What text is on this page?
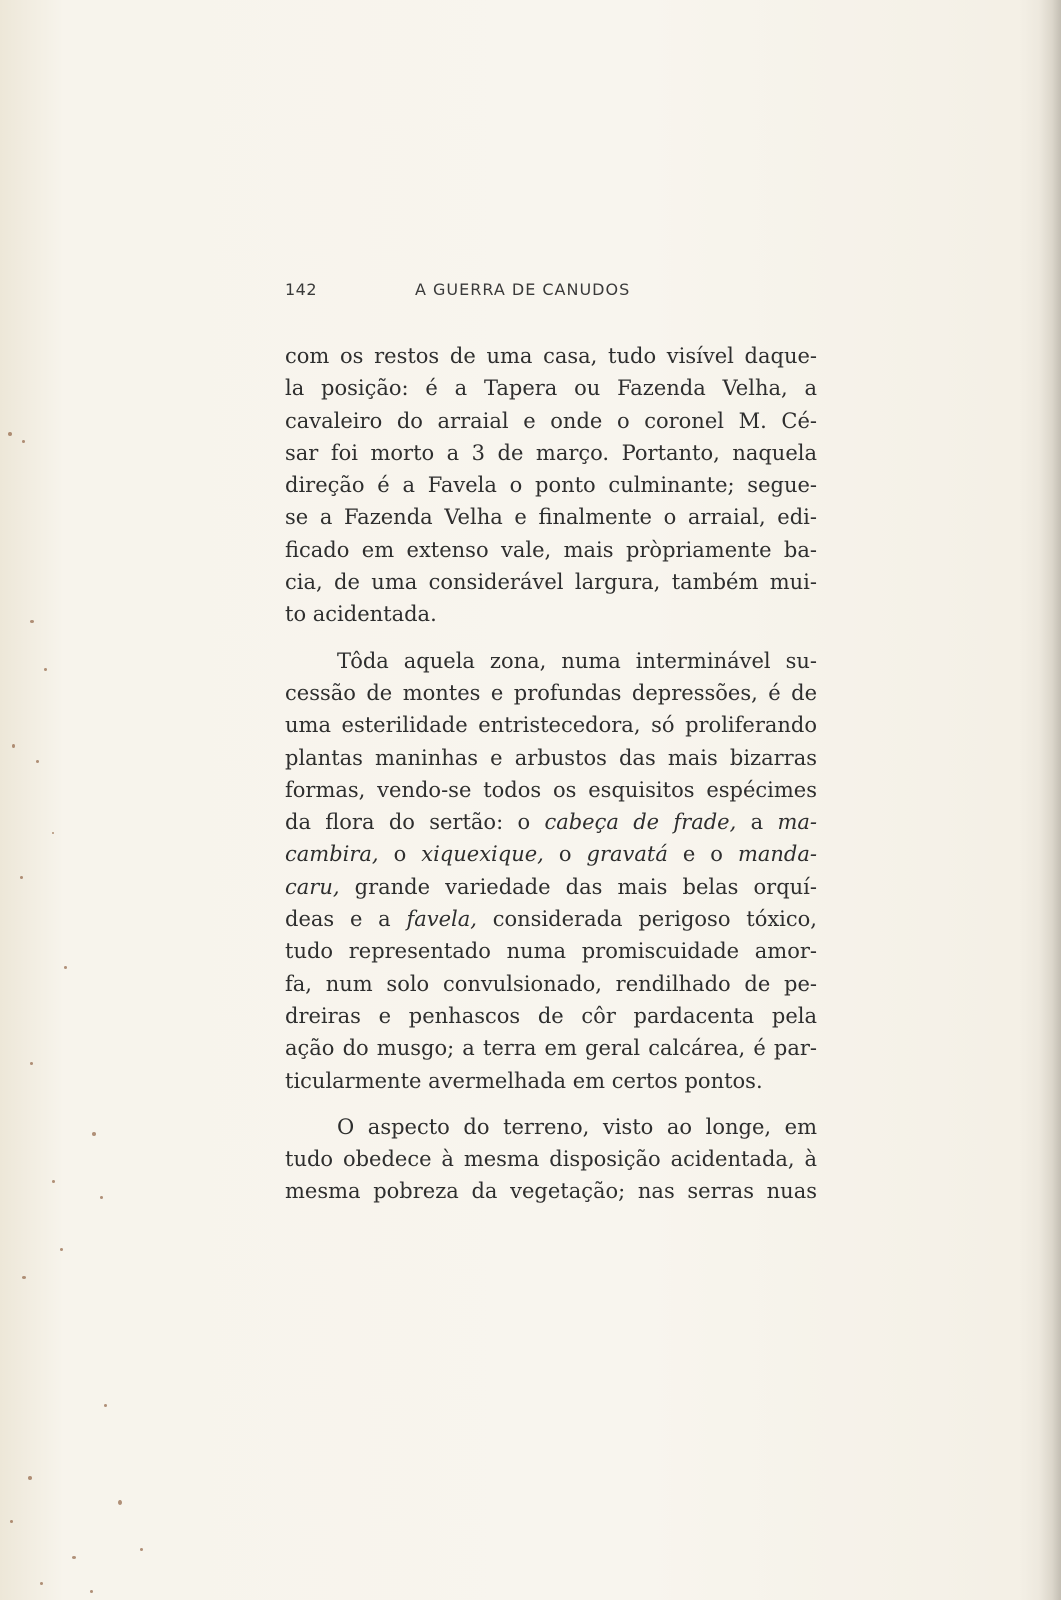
142	A GUERRA DE CANUDOS
com os restos de uma casa, tudo visível daque-
la posição: é a Tapera ou Fazenda Velha, a
cavaleiro do arraial e onde o coronel M. Cé-
sar foi morto a 3 de março. Portanto, naquela
direção é a Favela o ponto culminante; segue-
se a Fazenda Velha e finalmente o arraial, edi-
ficado em extenso vale, mais pròpriamente ba-
cia, de uma considerável largura, também mui-
to acidentada.
Tôda aquela zona, numa interminável su-
cessão de montes e profundas depressões, é de
uma esterilidade entristecedora, só proliferando
plantas maninhas e arbustos das mais bizarras
formas, vendo-se todos os esquisitos espécimes
da flora do sertão: o cabeça de frade, a ma-
cambira, o xiquexique, o gravatá e o manda-
caru, grande variedade das mais belas orquí-
deas e a favela, considerada perigoso tóxico,
tudo representado numa promiscuidade amor-
fa, num solo convulsionado, rendilhado de pe-
dreiras e penhascos de côr pardacenta pela
ação do musgo; a terra em geral calcárea, é par-
ticularmente avermelhada em certos pontos.
O aspecto do terreno, visto ao longe, em
tudo obedece à mesma disposição acidentada, à
mesma pobreza da vegetação; nas serras nuas
